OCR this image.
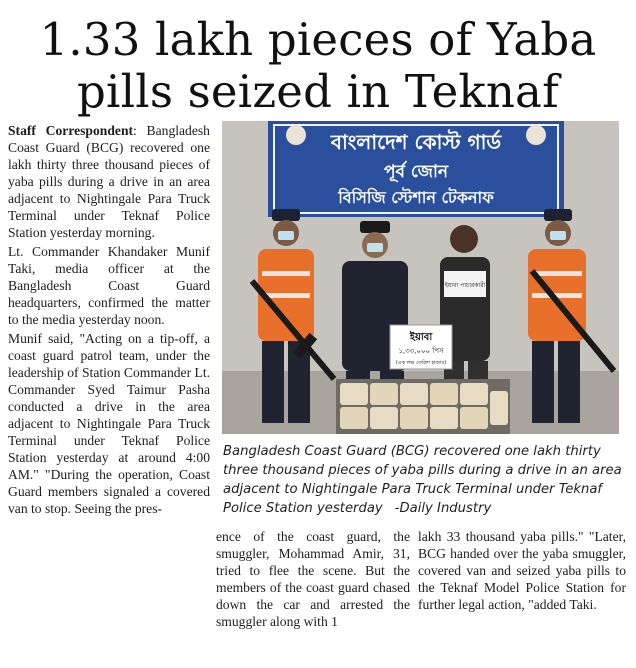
1.33 lakh pieces of Yaba
pills seized in Teknaf

Staff Correspondent: Bangladesh Coast Guard (BCG) recovered one lakh thirty three thousand pieces of yaba pills during a drive in an area adjacent to Nightingale Para Truck Terminal under Teknaf Police Station yesterday morning.

Lt. Commander Khandaker Munif Taki, media officer at the Bangladesh Coast Guard headquarters, confirmed the matter to the media yesterday noon.

Munif said, "Acting on a tip-off, a coast guard patrol team, under the leadership of Station Commander Lt. Commander Syed Taimur Pasha conducted a drive in the area adjacent to Nightingale Para Truck Terminal under Teknaf Police Station yesterday at around 4:00 AM." "During the operation, Coast Guard members signaled a covered van to stop. Seeing the pres-

বাংলাদেশ কোস্ট গার্ড
পূর্ব জোন
বিসিজি স্টেশান টেকনাফ
ইয়াবা পাচারকারী
ইয়াবা
১,৩৩,০০০ পিস
(এক লক্ষ তেত্রিশ হাজার)
Bangladesh Coast Guard (BCG) recovered one lakh thirty three thousand pieces of yaba pills during a drive in an area adjacent to Nightingale Para Truck Terminal under Teknaf Police Station yesterday -Daily Industry

ence of the coast guard, the smuggler, Mohammad Amir, 31, tried to flee the scene. But the members of the coast guard chased down the car and arrested the smuggler along with 1

lakh 33 thousand yaba pills." "Later, BCG handed over the yaba smuggler, covered van and seized yaba pills to the Teknaf Model Police Station for further legal action, "added Taki.
